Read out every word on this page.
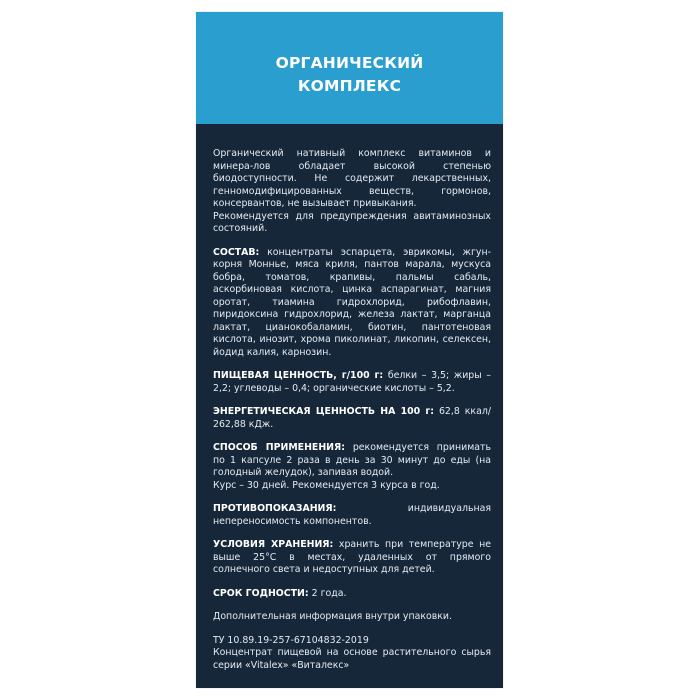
ОРГАНИЧЕСКИЙ
КОМПЛЕКС

Органический нативный комплекс витаминов и минера-лов обладает высокой степенью биодоступности. Не содержит лекарственных, генномодифицированных веществ, гормонов, консервантов, не вызывает привыкания.

Рекомендуется для предупреждения авитаминозных состояний.

СОСТАВ: концентраты эспарцета, эврикомы, жгун-корня Монньe, мяса криля, пантов марала, мускуса бобра, томатов, крапивы, пальмы сабаль, аскорбиновая кислота, цинка аспарагинат, магния оротат, тиамина гидрохлорид, рибофлавин, пиридоксина гидрохлорид, железа лактат, марганца лактат, цианокобаламин, биотин, пантотеновая кислота, инозит, хрома пиколинат, ликопин, селексен, йодид калия, карнозин.

ПИЩЕВАЯ ЦЕННОСТЬ, г/100 г: белки – 3,5; жиры – 2,2; углеводы – 0,4; органические кислоты – 5,2.

ЭНЕРГЕТИЧЕСКАЯ ЦЕННОСТЬ НА 100 г: 62,8 ккал/ 262,88 кДж.

СПОСОБ ПРИМЕНЕНИЯ: рекомендуется принимать по 1 капсуле 2 раза в день за 30 минут до еды (на голодный желудок), запивая водой.

Курс – 30 дней. Рекомендуется 3 курса в год.

ПРОТИВОПОКАЗАНИЯ: индивидуальная непереносимость компонентов.

УСЛОВИЯ ХРАНЕНИЯ: хранить при температуре не выше 25°С в местах, удаленных от прямого солнечного света и недоступных для детей.

СРОК ГОДНОСТИ: 2 года.

Дополнительная информация внутри упаковки.

ТУ 10.89.19-257-67104832-2019

Концентрат пищевой на основе растительного сырья серии «Vitalex» «Виталекс»
